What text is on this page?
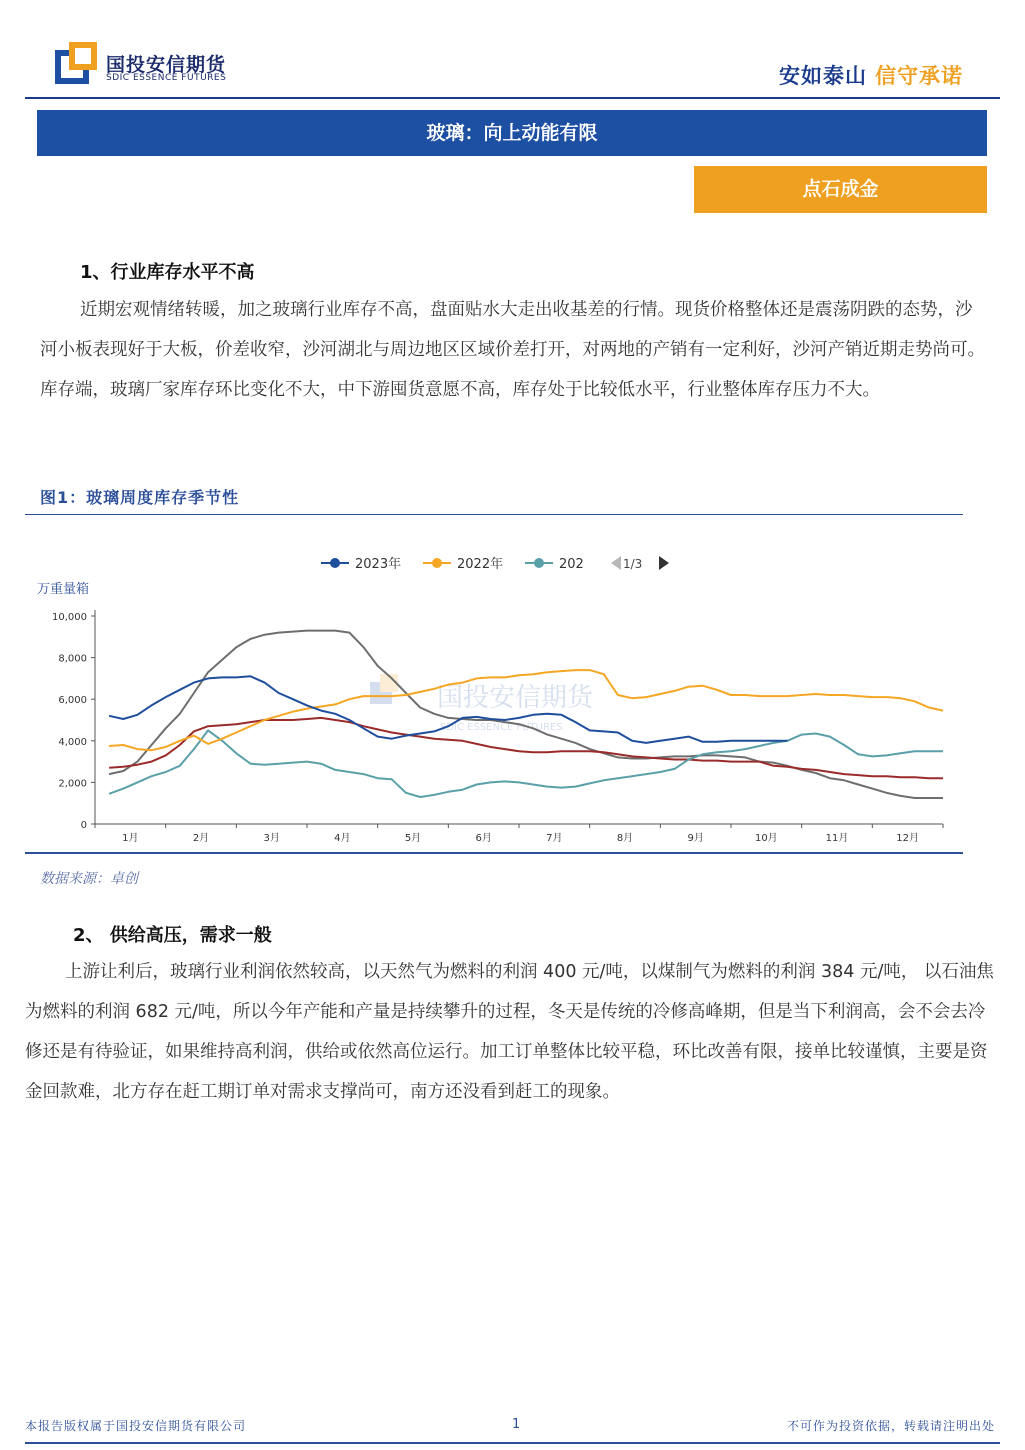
国投安信期货
SDIC ESSENCE FUTURES	安如泰山 信守承诺
玻璃：向上动能有限
点石成金
1、行业库存水平不高
近期宏观情绪转暖，加之玻璃行业库存不高，盘面贴水大走出收基差的行情。现货价格整体还是震荡阴跌的态势，沙河小板表现好于大板，价差收窄，沙河湖北与周边地区区域价差打开，对两地的产销有一定利好，沙河产销近期走势尚可。库存端，玻璃厂家库存环比变化不大，中下游囤货意愿不高，库存处于比较低水平，行业整体库存压力不大。
图1：玻璃周度库存季节性
国投安信期货
SDIC ESSENCE FUTURES
2023年	2022年	202	1/3
万重量箱
0
2,000
4,000
6,000
8,000
10,000
1月	2月	3月	4月	5月	6月	7月	8月	9月	10月	11月	12月
数据来源：卓创
2、 供给高压，需求一般
上游让利后，玻璃行业利润依然较高，以天然气为燃料的利润 400 元/吨，以煤制气为燃料的利润 384 元/吨， 以石油焦为燃料的利润 682 元/吨，所以今年产能和产量是持续攀升的过程，冬天是传统的冷修高峰期，但是当下利润高，会不会去冷修还是有待验证，如果维持高利润，供给或依然高位运行。加工订单整体比较平稳，环比改善有限，接单比较谨慎，主要是资金回款难，北方存在赶工期订单对需求支撑尚可，南方还没看到赶工的现象。
本报告版权属于国投安信期货有限公司	1	不可作为投资依据，转载请注明出处
